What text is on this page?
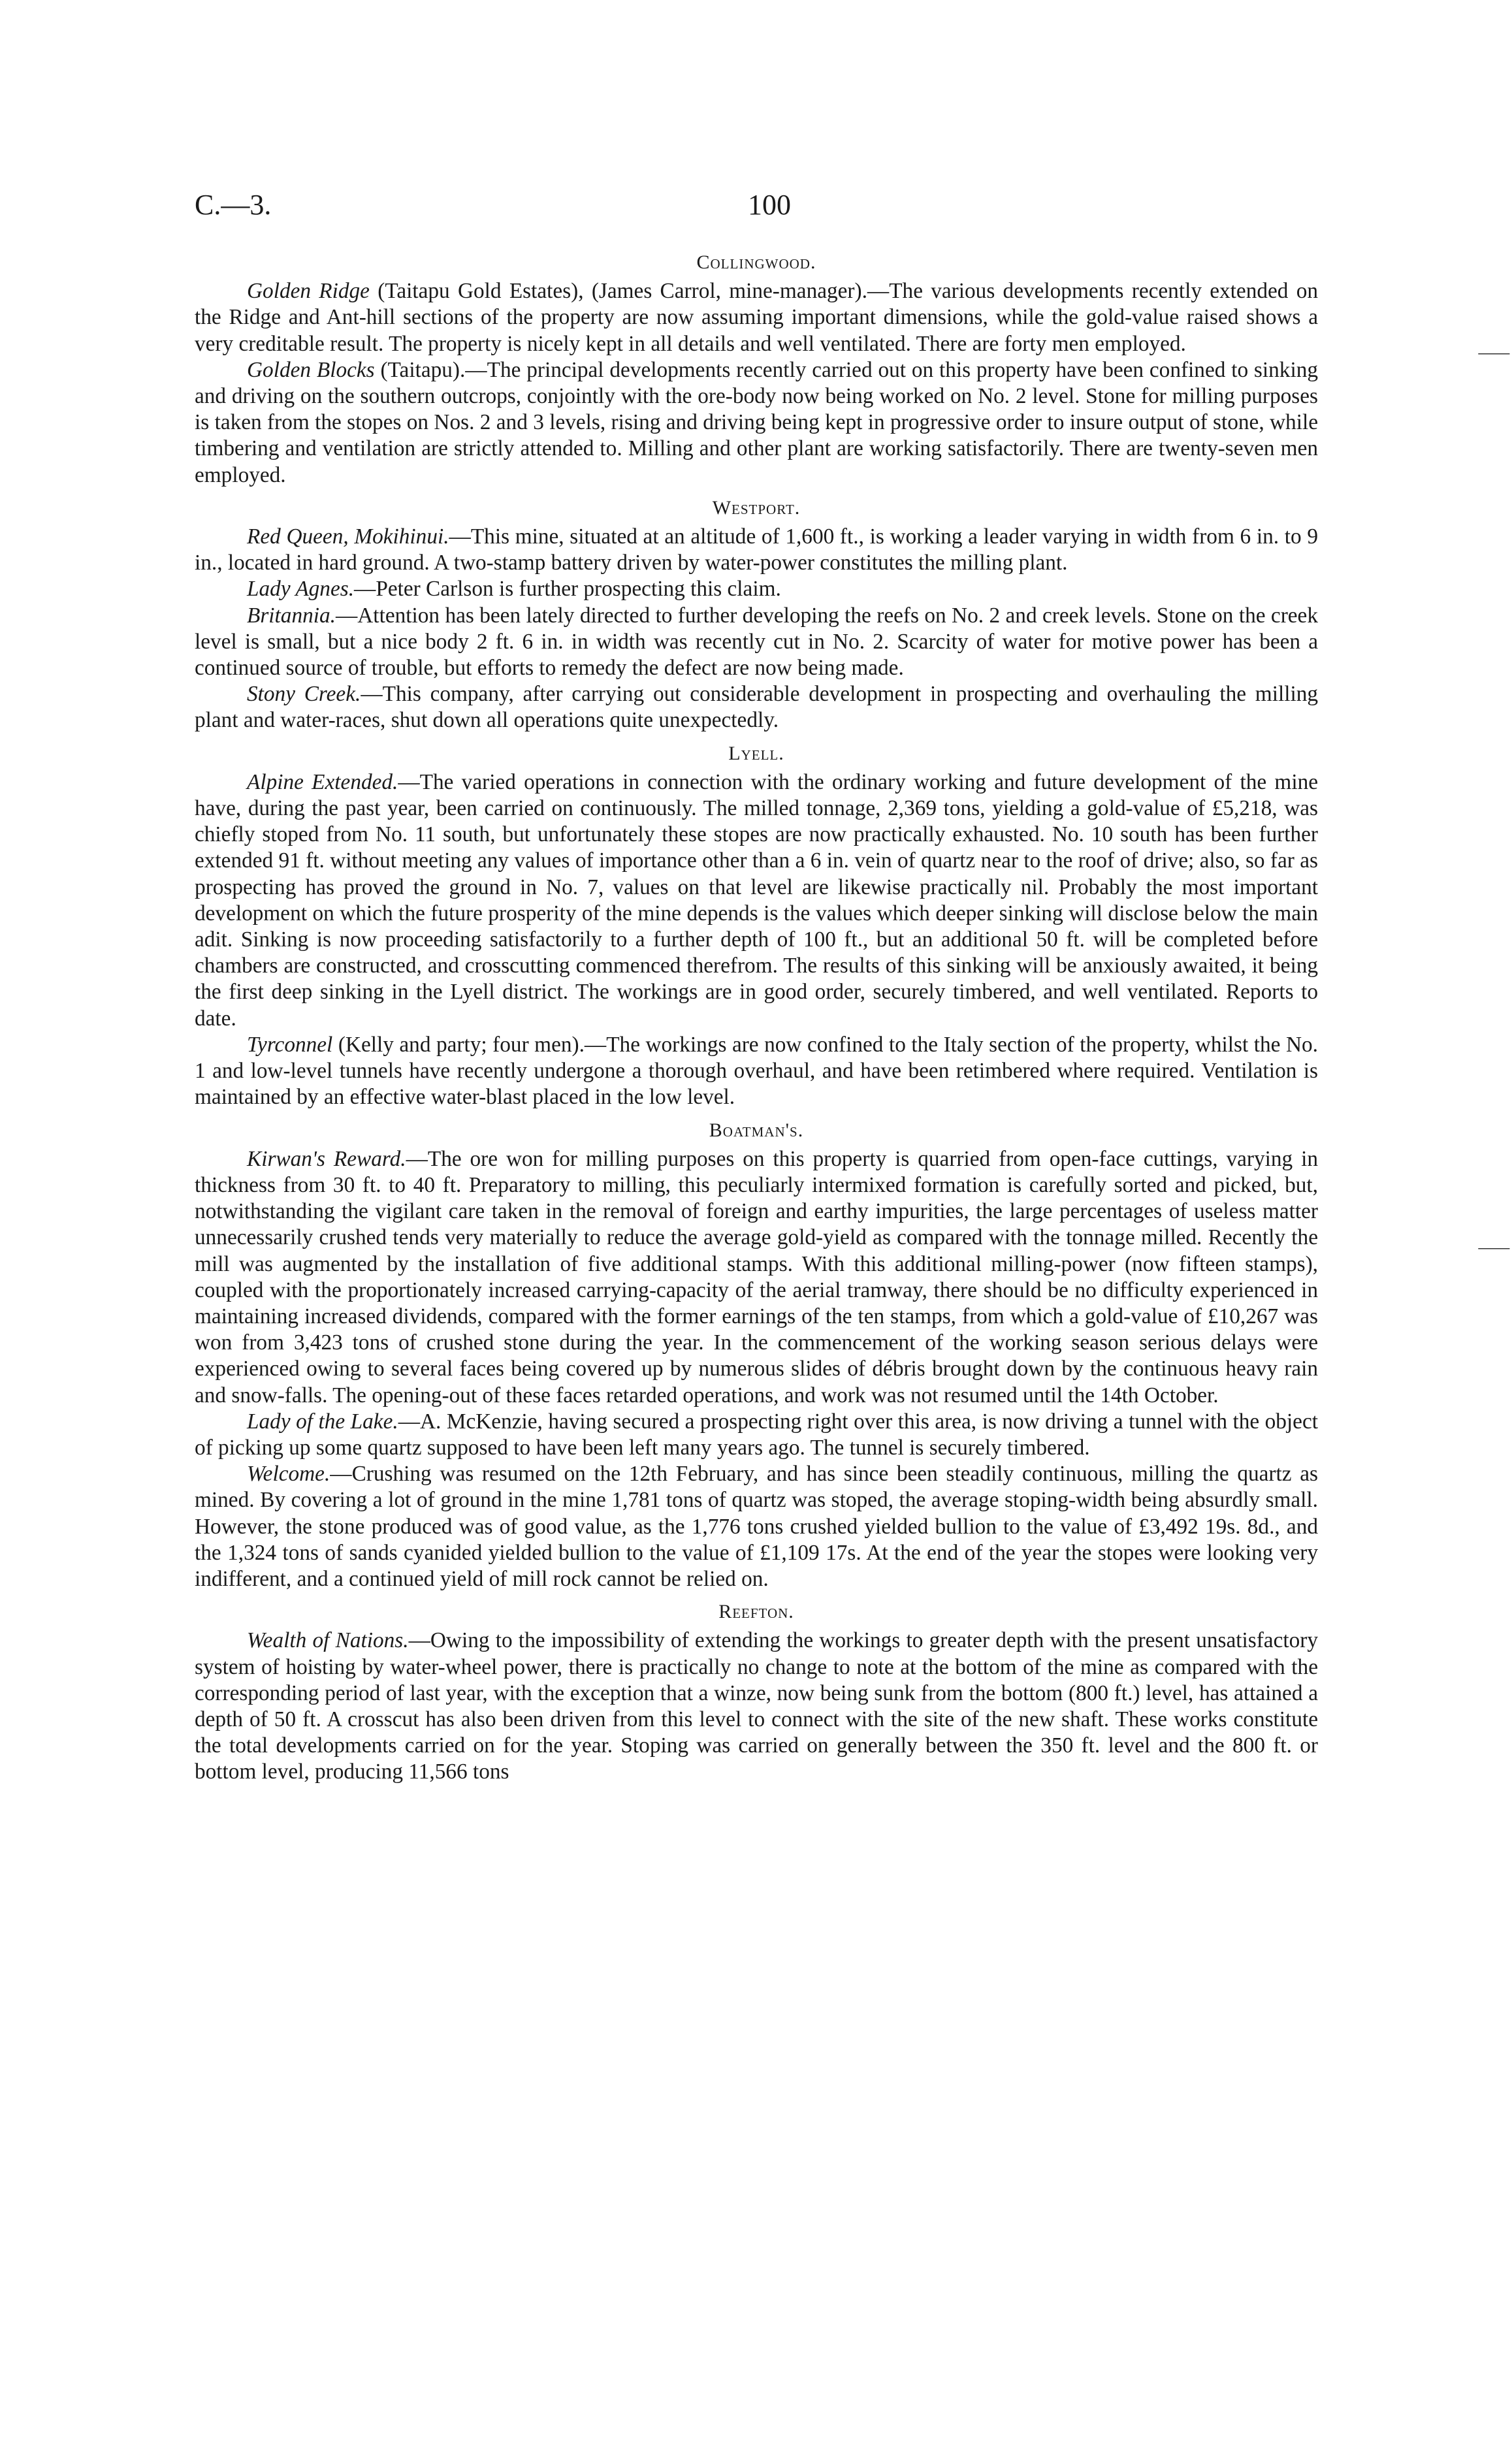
C.—3.	100
Collingwood.

Golden Ridge (Taitapu Gold Estates), (James Carrol, mine-manager).—The various developments recently extended on the Ridge and Ant-hill sections of the property are now assuming important dimensions, while the gold-value raised shows a very creditable result. The property is nicely kept in all details and well ventilated. There are forty men employed.

Golden Blocks (Taitapu).—The principal developments recently carried out on this property have been confined to sinking and driving on the southern outcrops, conjointly with the ore-body now being worked on No. 2 level. Stone for milling purposes is taken from the stopes on Nos. 2 and 3 levels, rising and driving being kept in progressive order to insure output of stone, while timbering and ventilation are strictly attended to. Milling and other plant are working satisfactorily. There are twenty-seven men employed.

Westport.

Red Queen, Mokihinui.—This mine, situated at an altitude of 1,600 ft., is working a leader varying in width from 6 in. to 9 in., located in hard ground. A two-stamp battery driven by water-power constitutes the milling plant.

Lady Agnes.—Peter Carlson is further prospecting this claim.

Britannia.—Attention has been lately directed to further developing the reefs on No. 2 and creek levels. Stone on the creek level is small, but a nice body 2 ft. 6 in. in width was recently cut in No. 2. Scarcity of water for motive power has been a continued source of trouble, but efforts to remedy the defect are now being made.

Stony Creek.—This company, after carrying out considerable development in prospecting and overhauling the milling plant and water-races, shut down all operations quite unexpectedly.

Lyell.

Alpine Extended.—The varied operations in connection with the ordinary working and future development of the mine have, during the past year, been carried on continuously. The milled tonnage, 2,369 tons, yielding a gold-value of £5,218, was chiefly stoped from No. 11 south, but unfortunately these stopes are now practically exhausted. No. 10 south has been further extended 91 ft. without meeting any values of importance other than a 6 in. vein of quartz near to the roof of drive; also, so far as prospecting has proved the ground in No. 7, values on that level are likewise practically nil. Probably the most important development on which the future prosperity of the mine depends is the values which deeper sinking will disclose below the main adit. Sinking is now proceeding satisfactorily to a further depth of 100 ft., but an additional 50 ft. will be completed before chambers are constructed, and crosscutting commenced therefrom. The results of this sinking will be anxiously awaited, it being the first deep sinking in the Lyell district. The workings are in good order, securely timbered, and well ventilated. Reports to date.

Tyrconnel (Kelly and party; four men).—The workings are now confined to the Italy section of the property, whilst the No. 1 and low-level tunnels have recently undergone a thorough overhaul, and have been retimbered where required. Ventilation is maintained by an effective water-blast placed in the low level.

Boatman's.

Kirwan's Reward.—The ore won for milling purposes on this property is quarried from open-face cuttings, varying in thickness from 30 ft. to 40 ft. Preparatory to milling, this peculiarly intermixed formation is carefully sorted and picked, but, notwithstanding the vigilant care taken in the removal of foreign and earthy impurities, the large percentages of useless matter unnecessarily crushed tends very materially to reduce the average gold-yield as compared with the tonnage milled. Recently the mill was augmented by the installation of five additional stamps. With this additional milling-power (now fifteen stamps), coupled with the proportionately increased carrying-capacity of the aerial tramway, there should be no difficulty experienced in maintaining increased dividends, compared with the former earnings of the ten stamps, from which a gold-value of £10,267 was won from 3,423 tons of crushed stone during the year. In the commencement of the working season serious delays were experienced owing to several faces being covered up by numerous slides of débris brought down by the continuous heavy rain and snow-falls. The opening-out of these faces retarded operations, and work was not resumed until the 14th October.

Lady of the Lake.—A. McKenzie, having secured a prospecting right over this area, is now driving a tunnel with the object of picking up some quartz supposed to have been left many years ago. The tunnel is securely timbered.

Welcome.—Crushing was resumed on the 12th February, and has since been steadily continuous, milling the quartz as mined. By covering a lot of ground in the mine 1,781 tons of quartz was stoped, the average stoping-width being absurdly small. However, the stone produced was of good value, as the 1,776 tons crushed yielded bullion to the value of £3,492 19s. 8d., and the 1,324 tons of sands cyanided yielded bullion to the value of £1,109 17s. At the end of the year the stopes were looking very indifferent, and a continued yield of mill rock cannot be relied on.

Reefton.

Wealth of Nations.—Owing to the impossibility of extending the workings to greater depth with the present unsatisfactory system of hoisting by water-wheel power, there is practically no change to note at the bottom of the mine as compared with the corresponding period of last year, with the exception that a winze, now being sunk from the bottom (800 ft.) level, has attained a depth of 50 ft. A crosscut has also been driven from this level to connect with the site of the new shaft. These works constitute the total developments carried on for the year. Stoping was carried on generally between the 350 ft. level and the 800 ft. or bottom level, producing 11,566 tons

⸺
⸺
